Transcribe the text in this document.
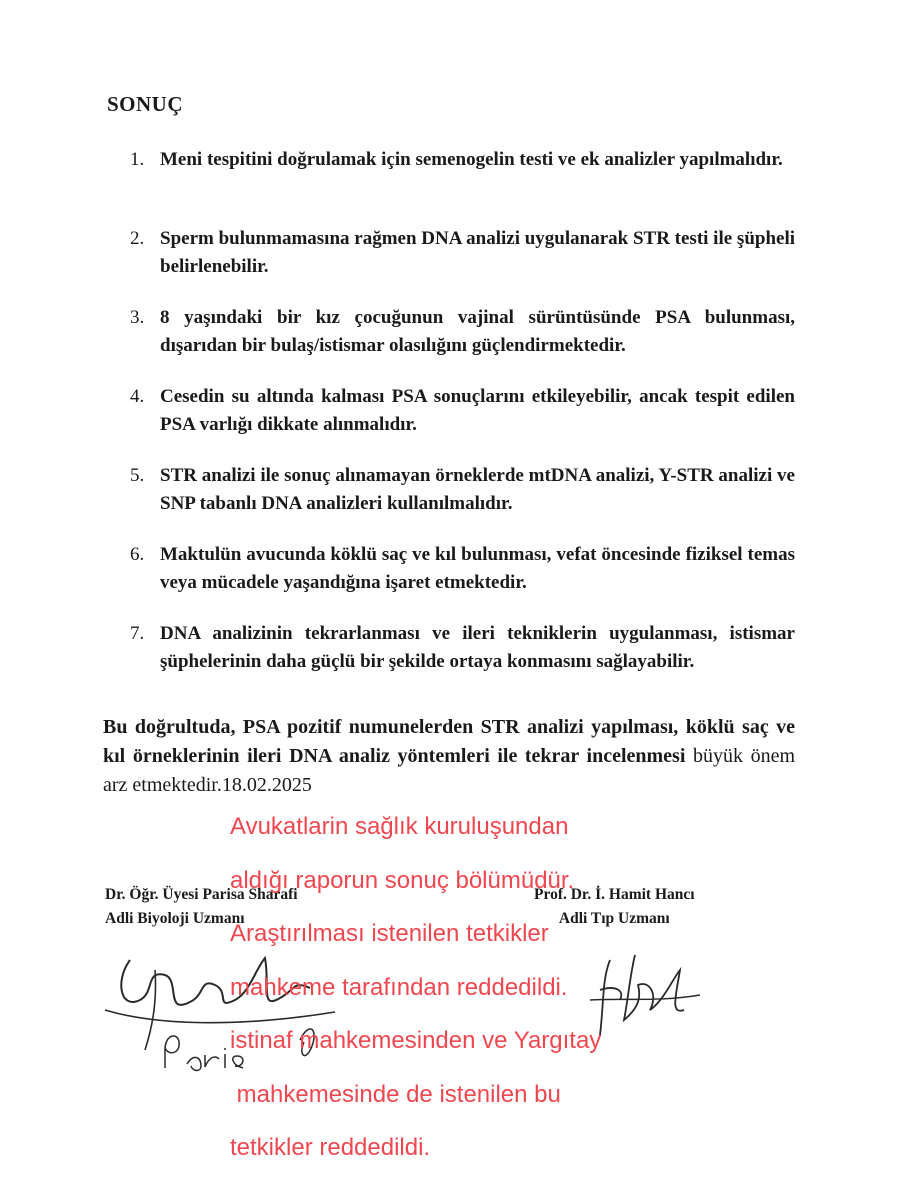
SONUÇ
1. Meni tespitini doğrulamak için semenogelin testi ve ek analizler yapılmalıdır.
2. Sperm bulunmamasına rağmen DNA analizi uygulanarak STR testi ile şüpheli belirlenebilir.
3. 8 yaşındaki bir kız çocuğunun vajinal sürüntüsünde PSA bulunması, dışarıdan bir bulaş/istismar olasılığını güçlendirmektedir.
4. Cesedin su altında kalması PSA sonuçlarını etkileyebilir, ancak tespit edilen PSA varlığı dikkate alınmalıdır.
5. STR analizi ile sonuç alınamayan örneklerde mtDNA analizi, Y-STR analizi ve SNP tabanlı DNA analizleri kullanılmalıdır.
6. Maktulün avucunda köklü saç ve kıl bulunması, vefat öncesinde fiziksel temas veya mücadele yaşandığına işaret etmektedir.
7. DNA analizinin tekrarlanması ve ileri tekniklerin uygulanması, istismar şüphelerinin daha güçlü bir şekilde ortaya konmasını sağlayabilir.
Bu doğrultuda, PSA pozitif numunelerden STR analizi yapılması, köklü saç ve kıl örneklerinin ileri DNA analiz yöntemleri ile tekrar incelenmesi büyük önem arz etmektedir.18.02.2025
Dr. Öğr. Üyesi Parisa Sharafi
Adli Biyoloji Uzmanı
Prof. Dr. İ. Hamit Hancı
Adli Tıp Uzmanı
Avukatlarin sağlık kuruluşundan
aldığı raporun sonuç bölümüdür.
Araştırılması istenilen tetkikler
mahkeme tarafından reddedildi.
istinaf mahkemesinden ve Yargıtay
mahkemesinde de istenilen bu
tetkikler reddedildi.
